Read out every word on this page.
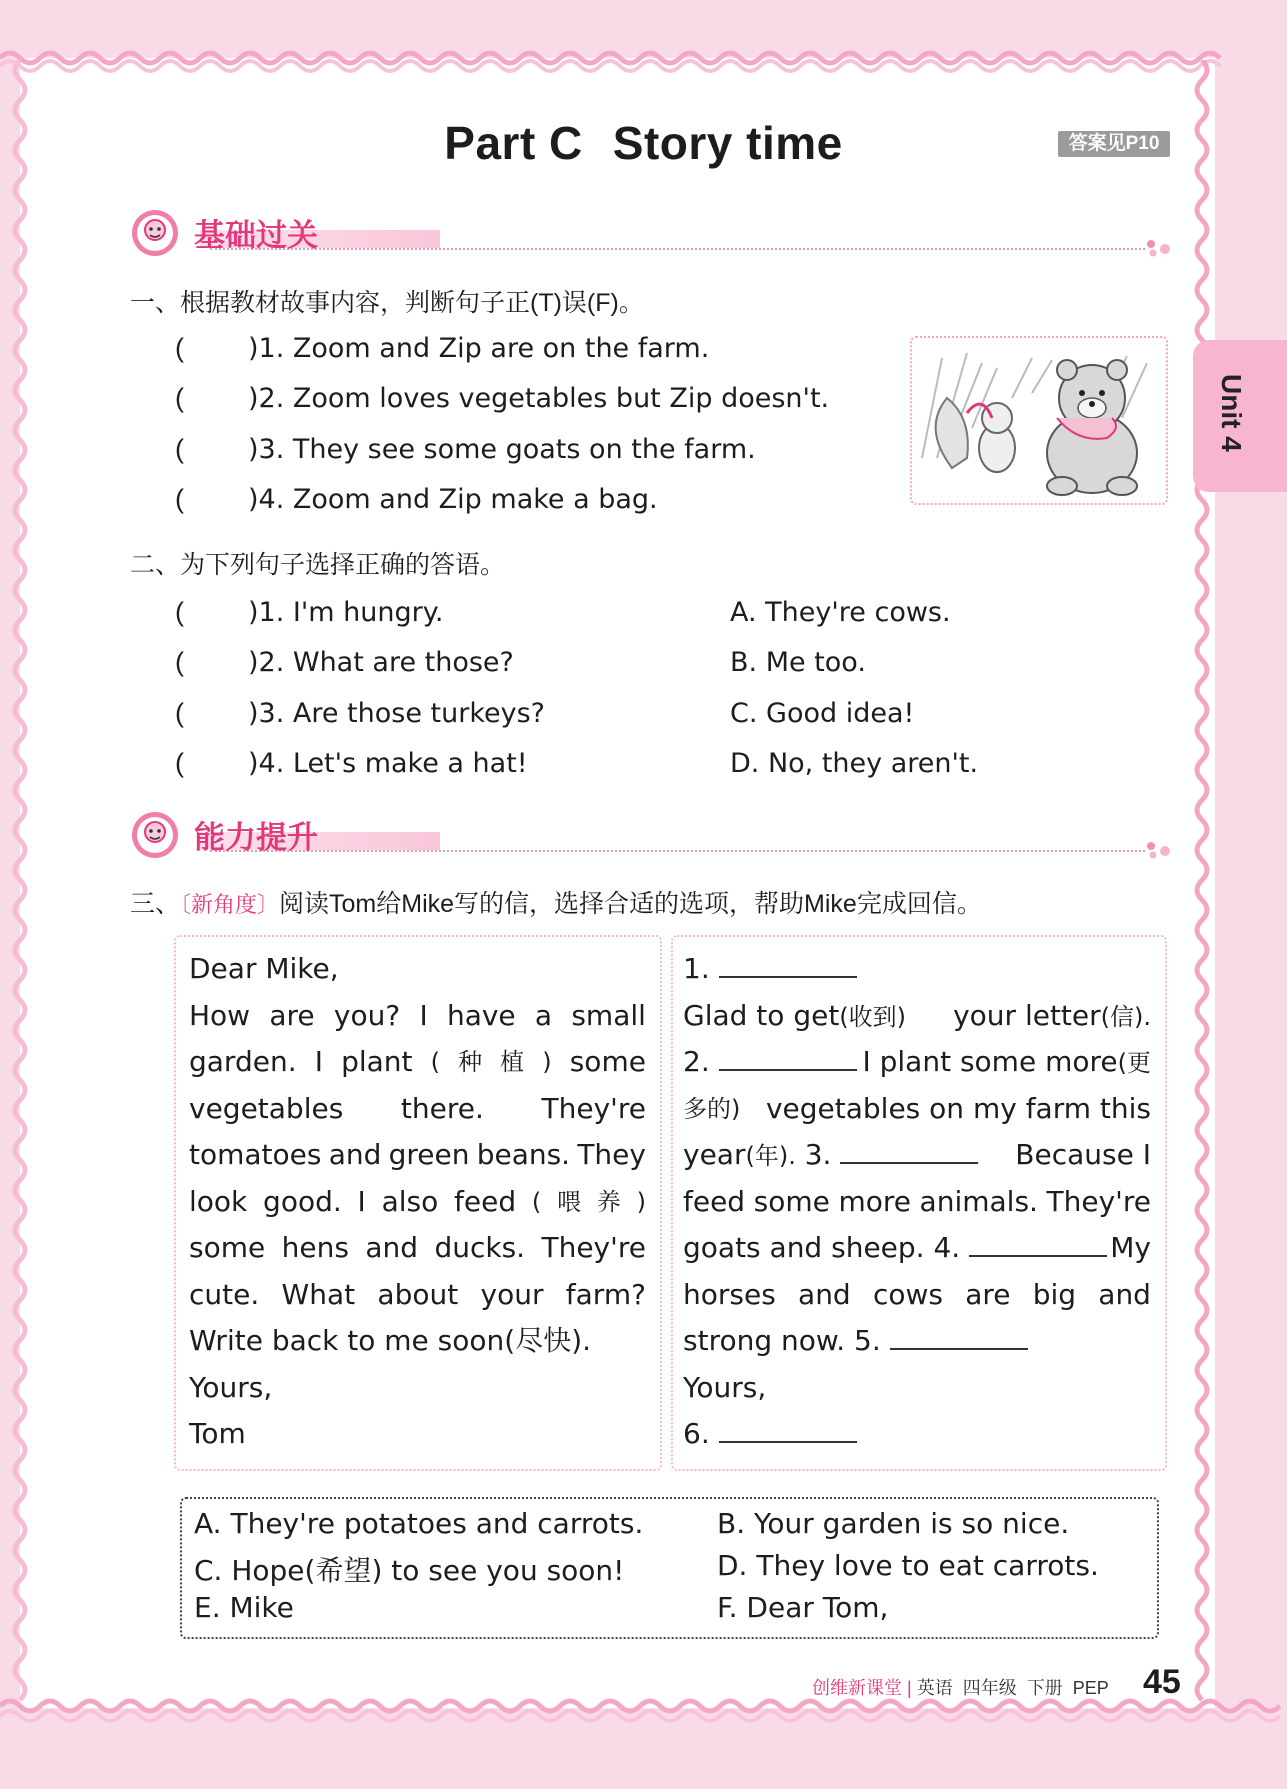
Part C Story time	答案见P10
Unit 4
基础过关
一、根据教材故事内容，判断句子正(T)误(F)。
( )1. Zoom and Zip are on the farm.
( )2. Zoom loves vegetables but Zip doesn't.
( )3. They see some goats on the farm.
( )4. Zoom and Zip make a bag.
二、为下列句子选择正确的答语。
( )1. I'm hungry.	A. They're cows.
( )2. What are those?	B. Me too.
( )3. Are those turkeys?	C. Good idea!
( )4. Let's make a hat!	D. No, they aren't.
能力提升
三、〔新角度〕阅读Tom给Mike写的信，选择合适的选项，帮助Mike完成回信。
Dear Mike,
How are you? I have a small
garden. I plant ( 种 植 ) some
vegetables there. They're
tomatoes and green beans. They
look good. I also feed ( 喂 养 )
some hens and ducks. They're
cute. What about your farm?
Write back to me soon(尽快).
Yours,
Tom
1.
Glad to get(收到) your letter(信).
2.	I plant some more(更
多的) vegetables on my farm this
year(年). 3.	Because I
feed some more animals. They're
goats and sheep. 4.	My
horses and cows are big and
strong now. 5.
Yours,
6.
A. They're potatoes and carrots.	B. Your garden is so nice.
C. Hope(希望) to see you soon!	D. They love to eat carrots.
E. Mike	F. Dear Tom,
创维新课堂 | 英语  四年级  下册  PEP 45
